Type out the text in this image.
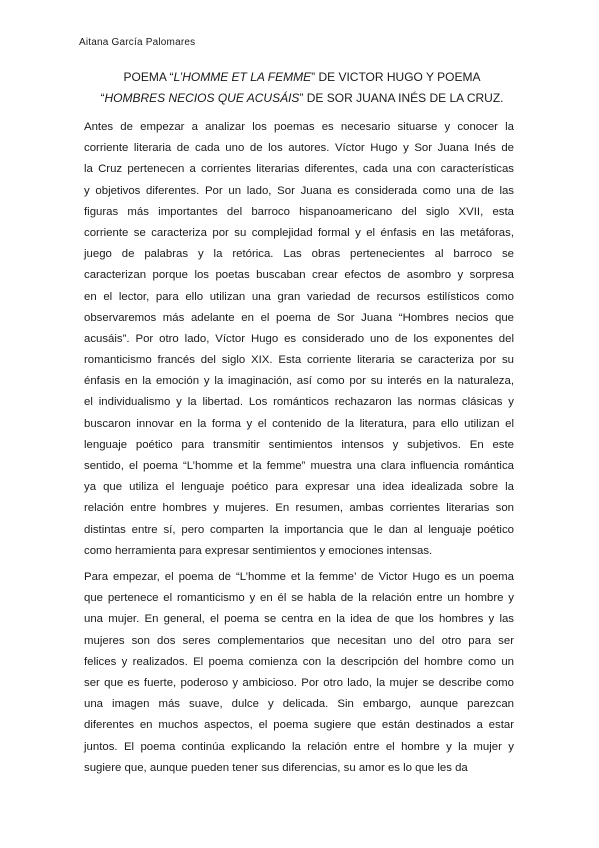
Aitana García Palomares
POEMA “L’HOMME ET LA FEMME” DE VICTOR HUGO Y POEMA
“HOMBRES NECIOS QUE ACUSÁIS” DE SOR JUANA INÉS DE LA CRUZ.
Antes de empezar a analizar los poemas es necesario situarse y conocer la
corriente literaria de cada uno de los autores. Víctor Hugo y Sor Juana Inés de
la Cruz pertenecen a corrientes literarias diferentes, cada una con características
y objetivos diferentes. Por un lado, Sor Juana es considerada como una de las
figuras más importantes del barroco hispanoamericano del siglo XVII, esta
corriente se caracteriza por su complejidad formal y el énfasis en las metáforas,
juego de palabras y la retórica. Las obras pertenecientes al barroco se
caracterizan porque los poetas buscaban crear efectos de asombro y sorpresa
en el lector, para ello utilizan una gran variedad de recursos estilísticos como
observaremos más adelante en el poema de Sor Juana “Hombres necios que
acusáis”. Por otro lado, Víctor Hugo es considerado uno de los exponentes del
romanticismo francés del siglo XIX. Esta corriente literaria se caracteriza por su
énfasis en la emoción y la imaginación, así como por su interés en la naturaleza,
el individualismo y la libertad. Los románticos rechazaron las normas clásicas y
buscaron innovar en la forma y el contenido de la literatura, para ello utilizan el
lenguaje poético para transmitir sentimientos intensos y subjetivos. En este
sentido, el poema “L’homme et la femme” muestra una clara influencia romántica
ya que utiliza el lenguaje poético para expresar una idea idealizada sobre la
relación entre hombres y mujeres. En resumen, ambas corrientes literarias son
distintas entre sí, pero comparten la importancia que le dan al lenguaje poético
como herramienta para expresar sentimientos y emociones intensas.
Para empezar, el poema de “L’homme et la femme’ de Victor Hugo es un poema
que pertenece el romanticismo y en él se habla de la relación entre un hombre y
una mujer. En general, el poema se centra en la idea de que los hombres y las
mujeres son dos seres complementarios que necesitan uno del otro para ser
felices y realizados. El poema comienza con la descripción del hombre como un
ser que es fuerte, poderoso y ambicioso. Por otro lado, la mujer se describe como
una imagen más suave, dulce y delicada. Sin embargo, aunque parezcan
diferentes en muchos aspectos, el poema sugiere que están destinados a estar
juntos. El poema continúa explicando la relación entre el hombre y la mujer y
sugiere que, aunque pueden tener sus diferencias, su amor es lo que les da
